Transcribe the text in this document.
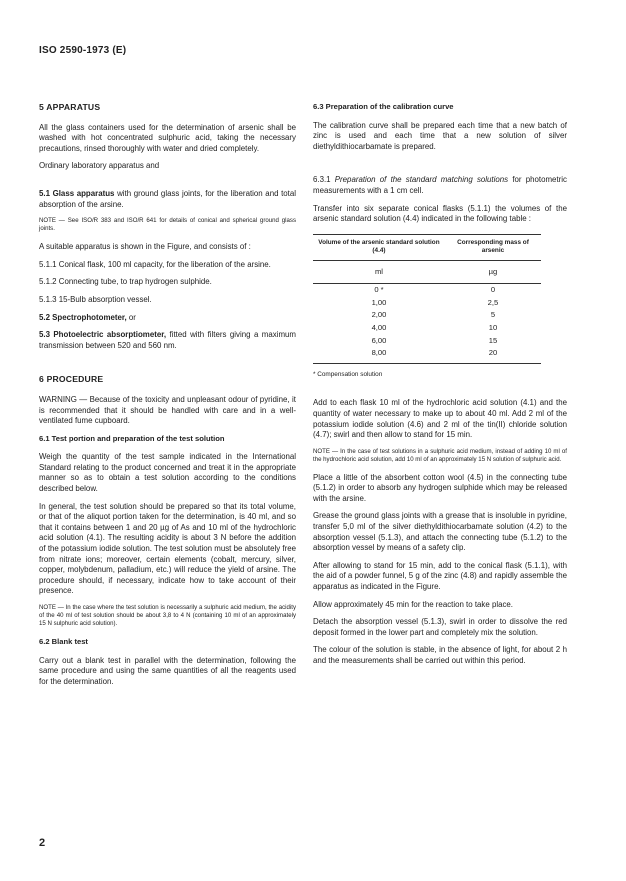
ISO 2590-1973 (E)
5 APPARATUS

All the glass containers used for the determination of arsenic shall be washed with hot concentrated sulphuric acid, taking the necessary precautions, rinsed thoroughly with water and dried completely.

Ordinary laboratory apparatus and

5.1 Glass apparatus with ground glass joints, for the liberation and total absorption of the arsine.

NOTE — See ISO/R 383 and ISO/R 641 for details of conical and spherical ground glass joints.

A suitable apparatus is shown in the Figure, and consists of :

5.1.1 Conical flask, 100 ml capacity, for the liberation of the arsine.

5.1.2 Connecting tube, to trap hydrogen sulphide.

5.1.3 15-Bulb absorption vessel.

5.2 Spectrophotometer, or

5.3 Photoelectric absorptiometer, fitted with filters giving a maximum transmission between 520 and 560 nm.

6 PROCEDURE

WARNING — Because of the toxicity and unpleasant odour of pyridine, it is recommended that it should be handled with care and in a well-ventilated fume cupboard.

6.1 Test portion and preparation of the test solution

Weigh the quantity of the test sample indicated in the International Standard relating to the product concerned and treat it in the appropriate manner so as to obtain a test solution according to the conditions described below.

In general, the test solution should be prepared so that its total volume, or that of the aliquot portion taken for the determination, is 40 ml, and so that it contains between 1 and 20 µg of As and 10 ml of the hydrochloric acid solution (4.1). The resulting acidity is about 3 N before the addition of the potassium iodide solution. The test solution must be absolutely free from nitrate ions; moreover, certain elements (cobalt, mercury, silver, copper, molybdenum, palladium, etc.) will reduce the yield of arsine. The procedure should, if necessary, indicate how to take account of their presence.

NOTE — In the case where the test solution is necessarily a sulphuric acid medium, the acidity of the 40 ml of test solution should be about 3,8 to 4 N (containing 10 ml of an approximately 15 N sulphuric acid solution).

6.2 Blank test

Carry out a blank test in parallel with the determination, following the same procedure and using the same quantities of all the reagents used for the determination.

6.3 Preparation of the calibration curve

The calibration curve shall be prepared each time that a new batch of zinc is used and each time that a new solution of silver diethyldithiocarbamate is prepared.

6.3.1 Preparation of the standard matching solutions for photometric measurements with a 1 cm cell.

Transfer into six separate conical flasks (5.1.1) the volumes of the arsenic standard solution (4.4) indicated in the following table :

Volume of the arsenic standard solution (4.4)	Corresponding mass of arsenic
ml	µg
0 *	0
1,00	2,5
2,00	5
4,00	10
6,00	15
8,00	20
* Compensation solution

Add to each flask 10 ml of the hydrochloric acid solution (4.1) and the quantity of water necessary to make up to about 40 ml. Add 2 ml of the potassium iodide solution (4.6) and 2 ml of the tin(II) chloride solution (4.7); swirl and then allow to stand for 15 min.

NOTE — In the case of test solutions in a sulphuric acid medium, instead of adding 10 ml of the hydrochloric acid solution, add 10 ml of an approximately 15 N solution of sulphuric acid.

Place a little of the absorbent cotton wool (4.5) in the connecting tube (5.1.2) in order to absorb any hydrogen sulphide which may be released with the arsine.

Grease the ground glass joints with a grease that is insoluble in pyridine, transfer 5,0 ml of the silver diethyldithiocarbamate solution (4.2) to the absorption vessel (5.1.3), and attach the connecting tube (5.1.2) to the absorption vessel by means of a safety clip.

After allowing to stand for 15 min, add to the conical flask (5.1.1), with the aid of a powder funnel, 5 g of the zinc (4.8) and rapidly assemble the apparatus as indicated in the Figure.

Allow approximately 45 min for the reaction to take place.

Detach the absorption vessel (5.1.3), swirl in order to dissolve the red deposit formed in the lower part and completely mix the solution.

The colour of the solution is stable, in the absence of light, for about 2 h and the measurements shall be carried out within this period.

2
